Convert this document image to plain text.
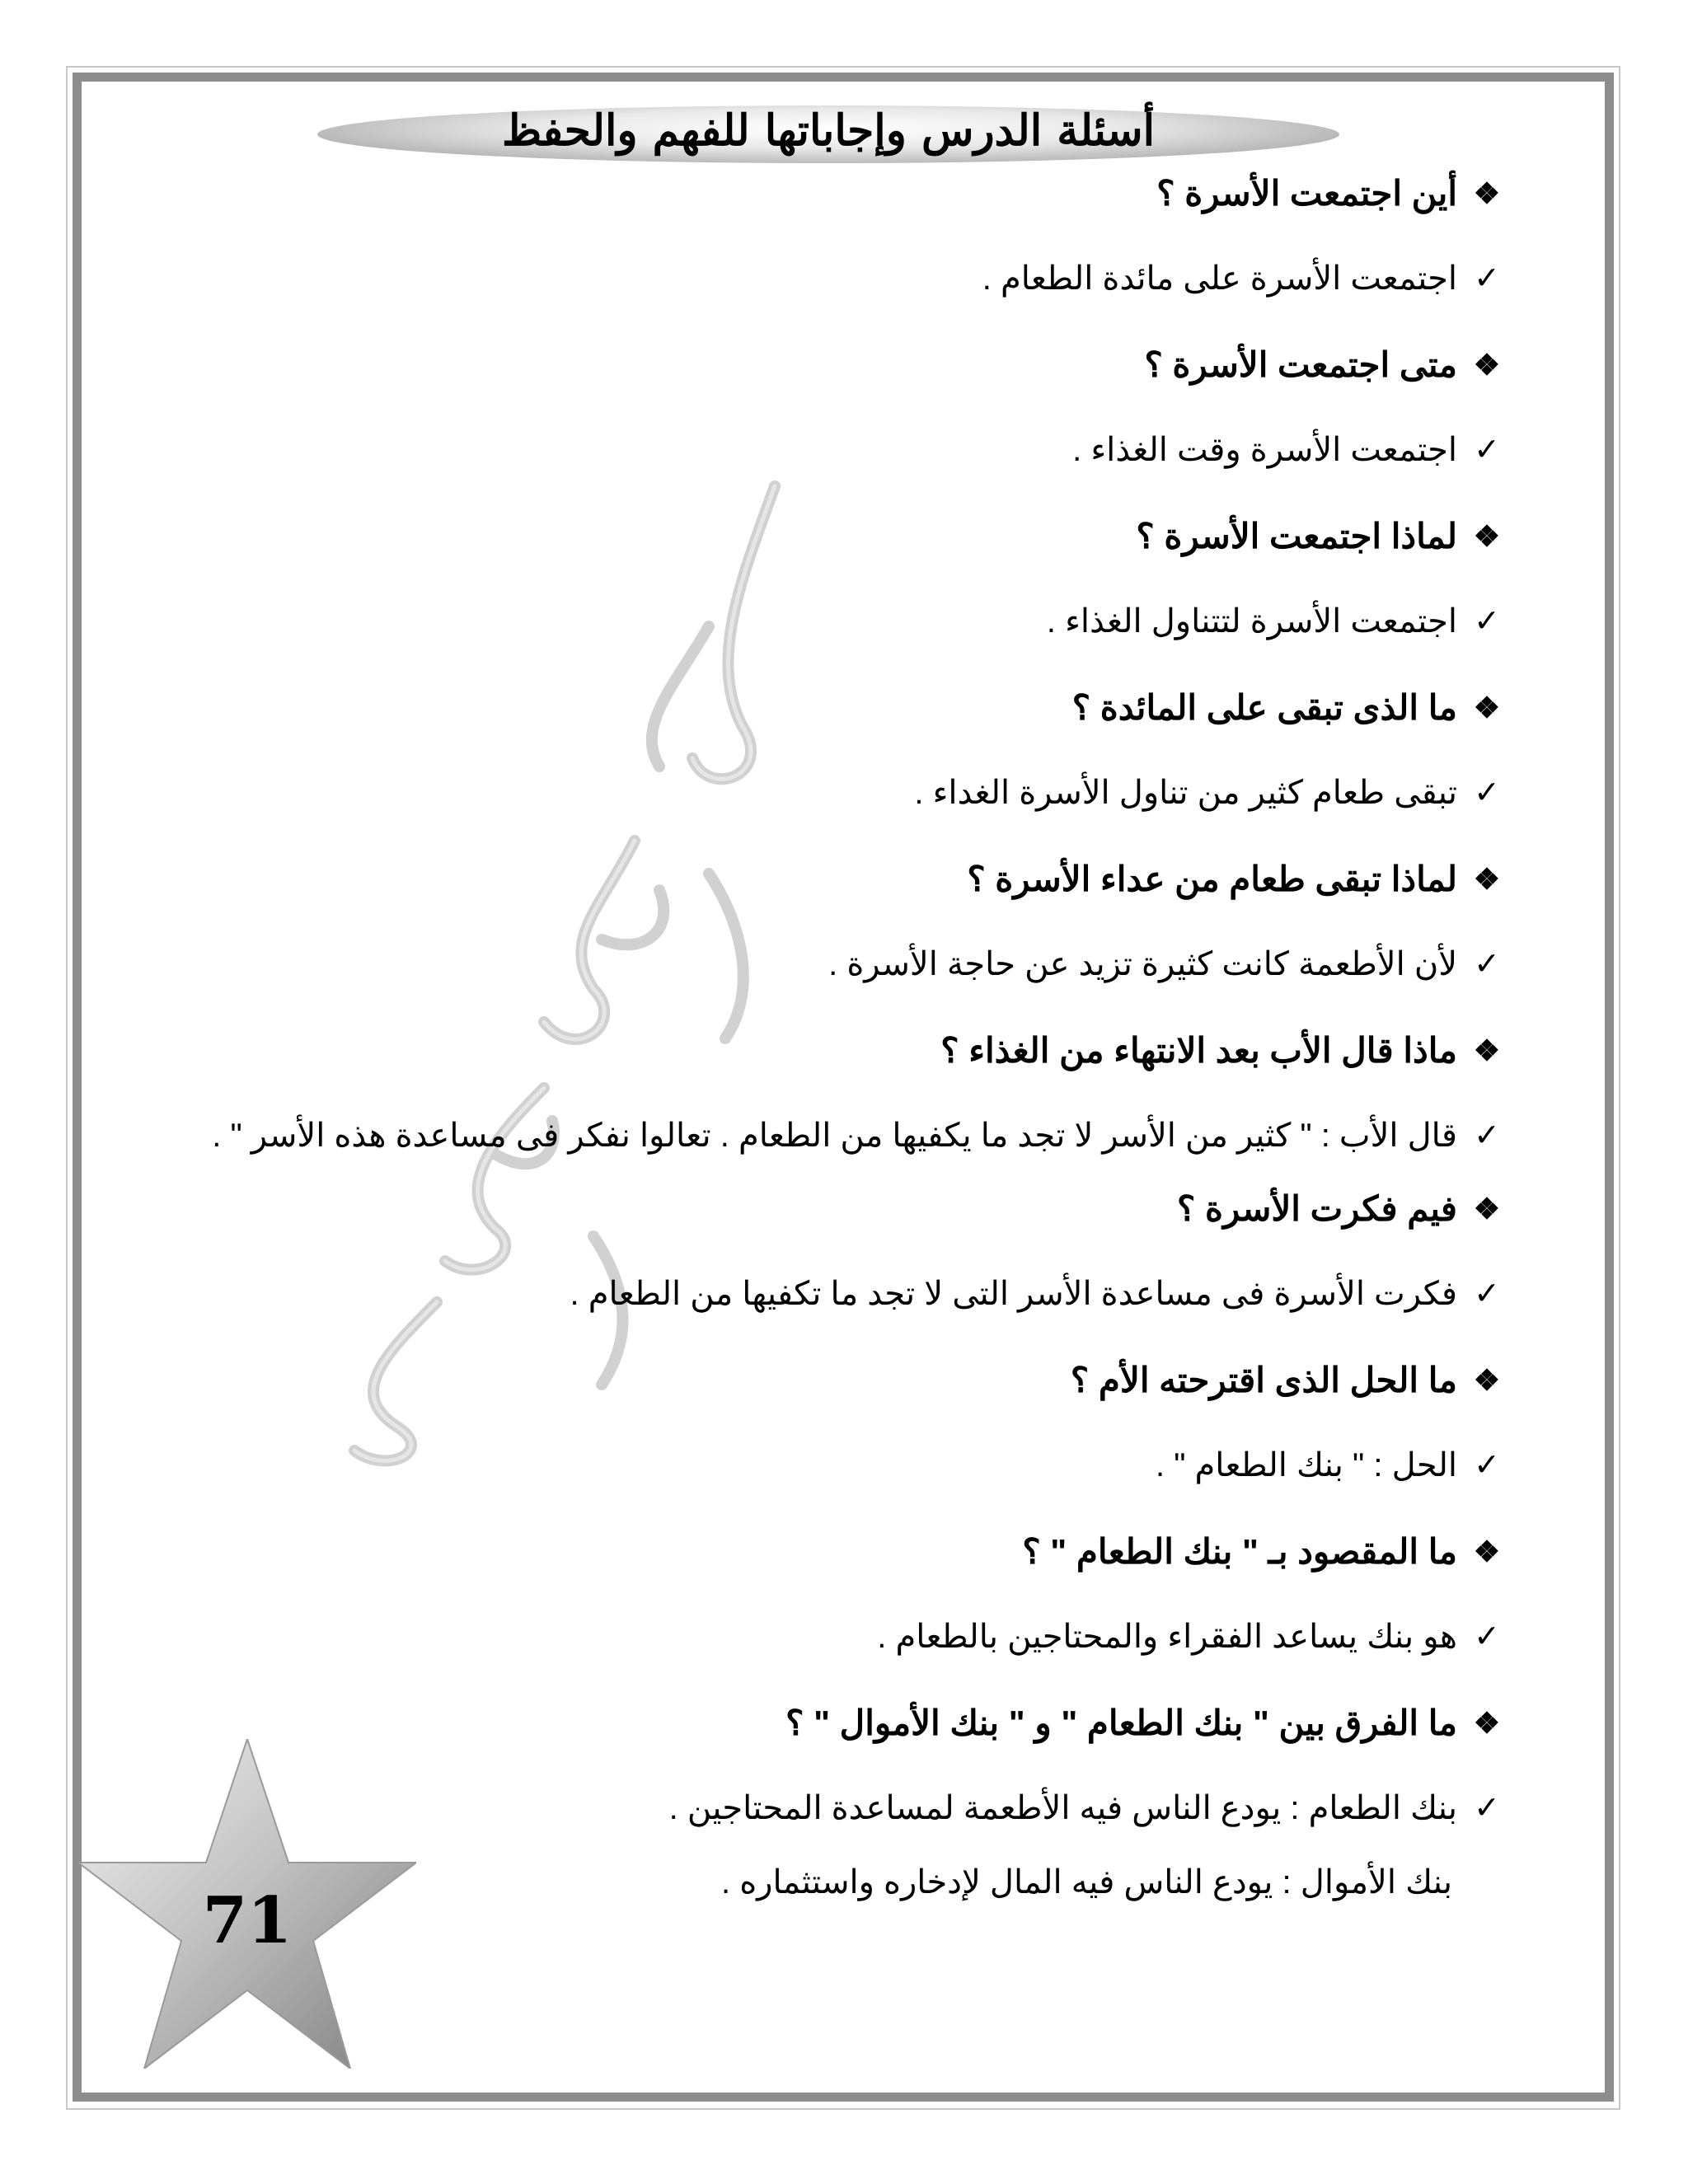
أسئلة الدرس وإجاباتها للفهم والحفظ
❖
أين اجتمعت الأسرة ؟
✓
اجتمعت الأسرة على مائدة الطعام .
❖
متى اجتمعت الأسرة ؟
✓
اجتمعت الأسرة وقت الغذاء .
❖
لماذا اجتمعت الأسرة ؟
✓
اجتمعت الأسرة لتتناول الغذاء .
❖
ما الذى تبقى على المائدة ؟
✓
تبقى طعام كثير من تناول الأسرة الغداء .
❖
لماذا تبقى طعام من عداء الأسرة ؟
✓
لأن الأطعمة كانت كثيرة تزيد عن حاجة الأسرة .
❖
ماذا قال الأب بعد الانتهاء من الغذاء ؟
✓
قال الأب : " كثير من الأسر لا تجد ما يكفيها من الطعام . تعالوا نفكر فى مساعدة هذه الأسر " .
❖
فيم فكرت الأسرة ؟
✓
فكرت الأسرة فى مساعدة الأسر التى لا تجد ما تكفيها من الطعام .
❖
ما الحل الذى اقترحته الأم ؟
✓
الحل : " بنك الطعام " .
❖
ما المقصود بـ " بنك الطعام " ؟
✓
هو بنك يساعد الفقراء والمحتاجين بالطعام .
❖
ما الفرق بين " بنك الطعام " و " بنك الأموال " ؟
✓
بنك الطعام : يودع الناس فيه الأطعمة لمساعدة المحتاجين .
بنك الأموال : يودع الناس فيه المال لإدخاره واستثماره .
71
